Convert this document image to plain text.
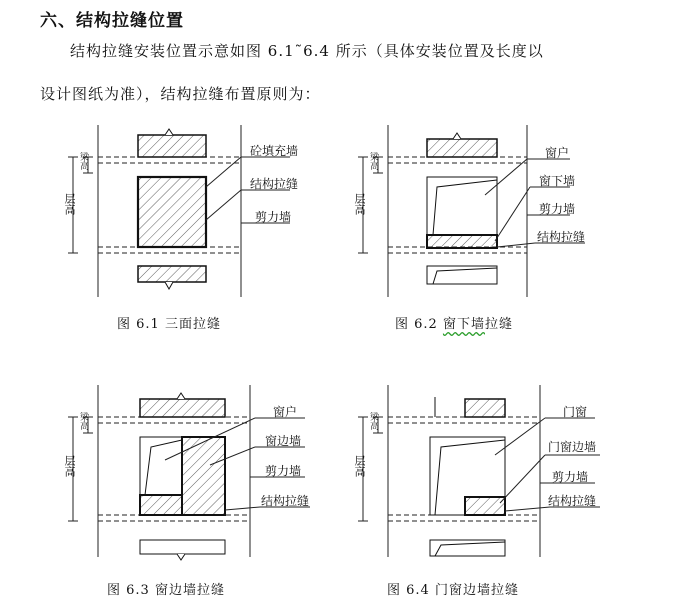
六、结构拉缝位置
结构拉缝安装位置示意如图 6.1˜6.4 所示（具体安装位置及长度以
设计图纸为准），结构拉缝布置原则为：
层高
梁高
砼填充墙
结构拉缝
剪力墙
图 6.1 三面拉缝
层高
梁高	窗户
窗下墙
剪力墙
结构拉缝
图 6.2 窗下墙拉缝
层高
梁高	窗户
窗边墙
剪力墙
结构拉缝
图 6.3 窗边墙拉缝
层高
梁高	门窗
门窗边墙
剪力墙
结构拉缝
图 6.4 门窗边墙拉缝
